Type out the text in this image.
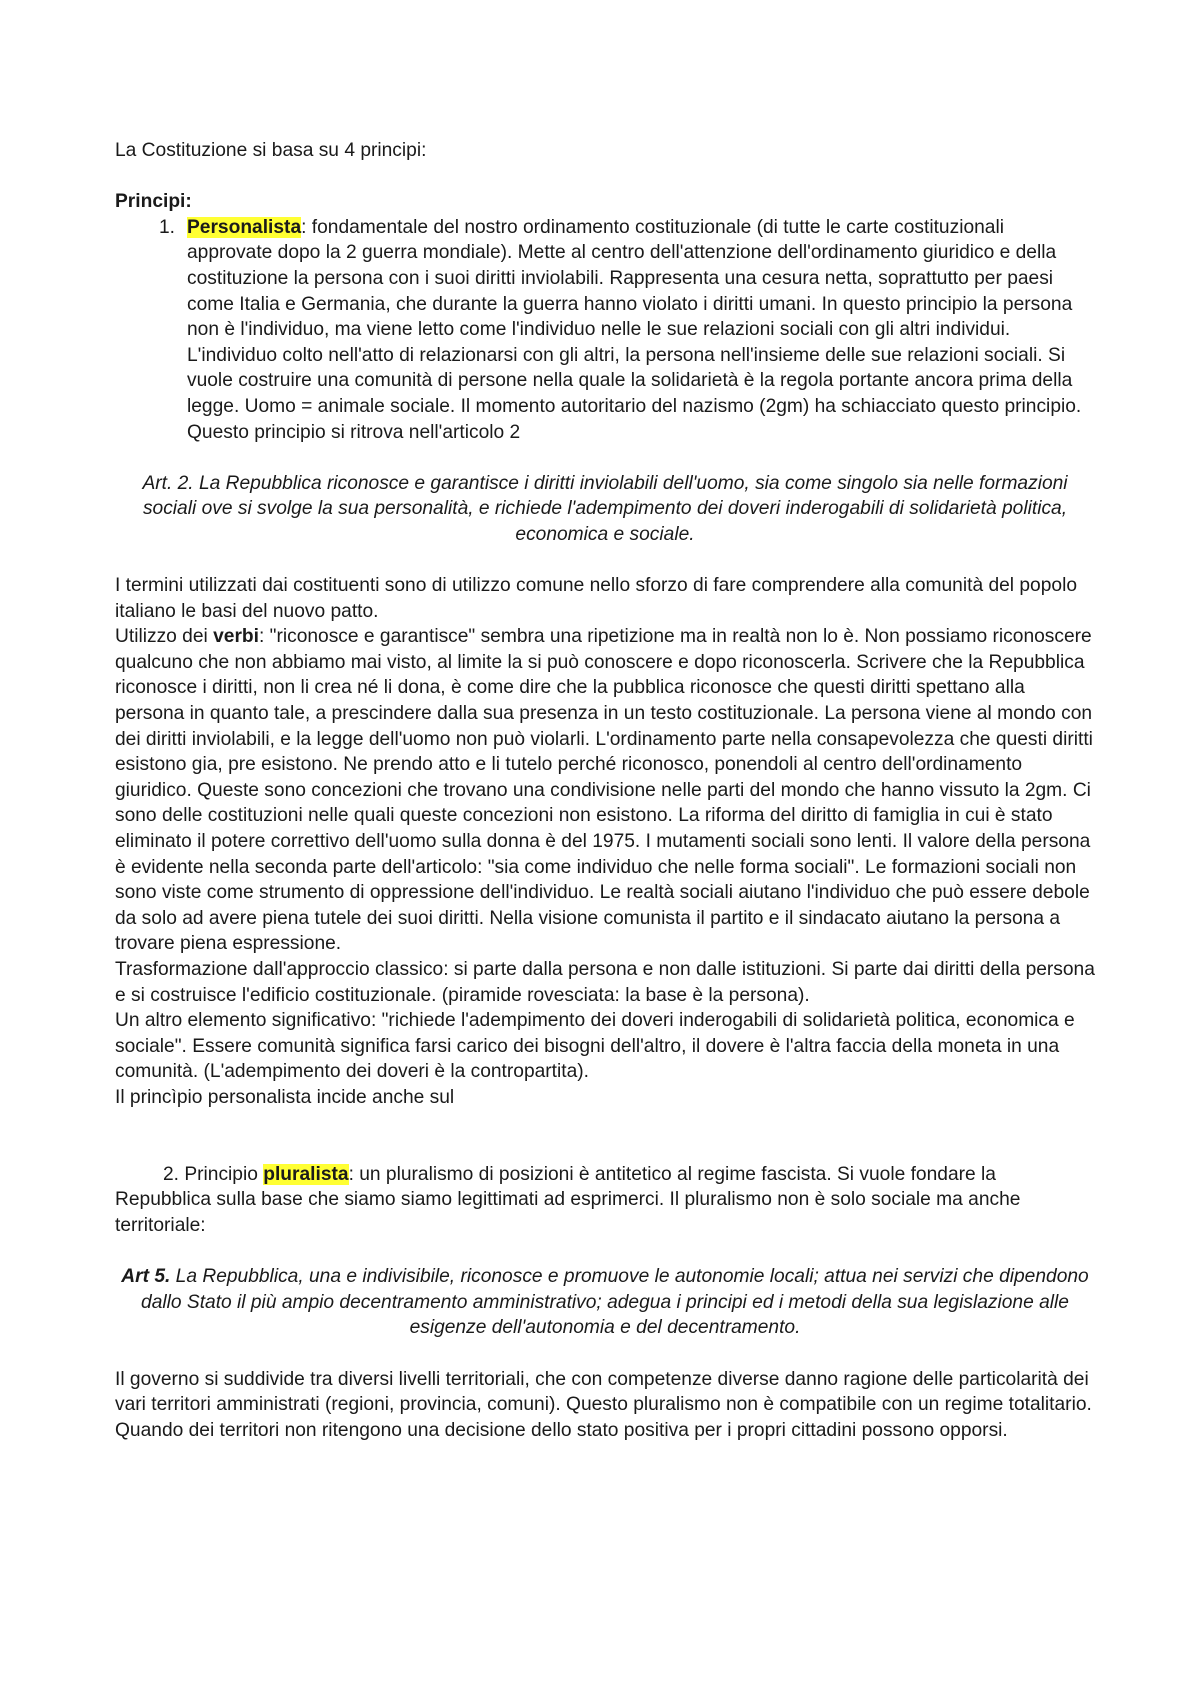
La Costituzione si basa su 4 principi:

Principi:

1. Personalista: fondamentale del nostro ordinamento costituzionale (di tutte le carte costituzionali approvate dopo la 2 guerra mondiale). Mette al centro dell'attenzione dell'ordinamento giuridico e della costituzione la persona con i suoi diritti inviolabili. Rappresenta una cesura netta, soprattutto per paesi come Italia e Germania, che durante la guerra hanno violato i diritti umani. In questo principio la persona non è l'individuo, ma viene letto come l'individuo nelle le sue relazioni sociali con gli altri individui. L'individuo colto nell'atto di relazionarsi con gli altri, la persona nell'insieme delle sue relazioni sociali. Si vuole costruire una comunità di persone nella quale la solidarietà è la regola portante ancora prima della legge. Uomo = animale sociale. Il momento autoritario del nazismo (2gm) ha schiacciato questo principio. Questo principio si ritrova nell'articolo 2

Art. 2. La Repubblica riconosce e garantisce i diritti inviolabili dell'uomo, sia come singolo sia nelle formazioni sociali ove si svolge la sua personalità, e richiede l'adempimento dei doveri inderogabili di solidarietà politica, economica e sociale.

I termini utilizzati dai costituenti sono di utilizzo comune nello sforzo di fare comprendere alla comunità del popolo italiano le basi del nuovo patto.

Utilizzo dei verbi: "riconosce e garantisce" sembra una ripetizione ma in realtà non lo è. Non possiamo riconoscere qualcuno che non abbiamo mai visto, al limite la si può conoscere e dopo riconoscerla. Scrivere che la Repubblica riconosce i diritti, non li crea né li dona, è come dire che la pubblica riconosce che questi diritti spettano alla persona in quanto tale, a prescindere dalla sua presenza in un testo costituzionale. La persona viene al mondo con dei diritti inviolabili, e la legge dell'uomo non può violarli. L'ordinamento parte nella consapevolezza che questi diritti esistono gia, pre esistono. Ne prendo atto e li tutelo perché riconosco, ponendoli al centro dell'ordinamento giuridico. Queste sono concezioni che trovano una condivisione nelle parti del mondo che hanno vissuto la 2gm. Ci sono delle costituzioni nelle quali queste concezioni non esistono. La riforma del diritto di famiglia in cui è stato eliminato il potere correttivo dell'uomo sulla donna è del 1975. I mutamenti sociali sono lenti. Il valore della persona è evidente nella seconda parte dell'articolo: "sia come individuo che nelle forma sociali". Le formazioni sociali non sono viste come strumento di oppressione dell'individuo. Le realtà sociali aiutano l'individuo che può essere debole da solo ad avere piena tutele dei suoi diritti. Nella visione comunista il partito e il sindacato aiutano la persona a trovare piena espressione.

Trasformazione dall'approccio classico: si parte dalla persona e non dalle istituzioni. Si parte dai diritti della persona e si costruisce l'edificio costituzionale. (piramide rovesciata: la base è la persona).

Un altro elemento significativo: "richiede l'adempimento dei doveri inderogabili di solidarietà politica, economica e sociale". Essere comunità significa farsi carico dei bisogni dell'altro, il dovere è l'altra faccia della moneta in una comunità. (L'adempimento dei doveri è la contropartita).

Il princìpio personalista incide anche sul

2. Principio pluralista: un pluralismo di posizioni è antitetico al regime fascista. Si vuole fondare la Repubblica sulla base che siamo siamo legittimati ad esprimerci. Il pluralismo non è solo sociale ma anche territoriale:

Art 5. La Repubblica, una e indivisibile, riconosce e promuove le autonomie locali; attua nei servizi che dipendono dallo Stato il più ampio decentramento amministrativo; adegua i principi ed i metodi della sua legislazione alle esigenze dell'autonomia e del decentramento.

Il governo si suddivide tra diversi livelli territoriali, che con competenze diverse danno ragione delle particolarità dei vari territori amministrati (regioni, provincia, comuni). Questo pluralismo non è compatibile con un regime totalitario. Quando dei territori non ritengono una decisione dello stato positiva per i propri cittadini possono opporsi.
